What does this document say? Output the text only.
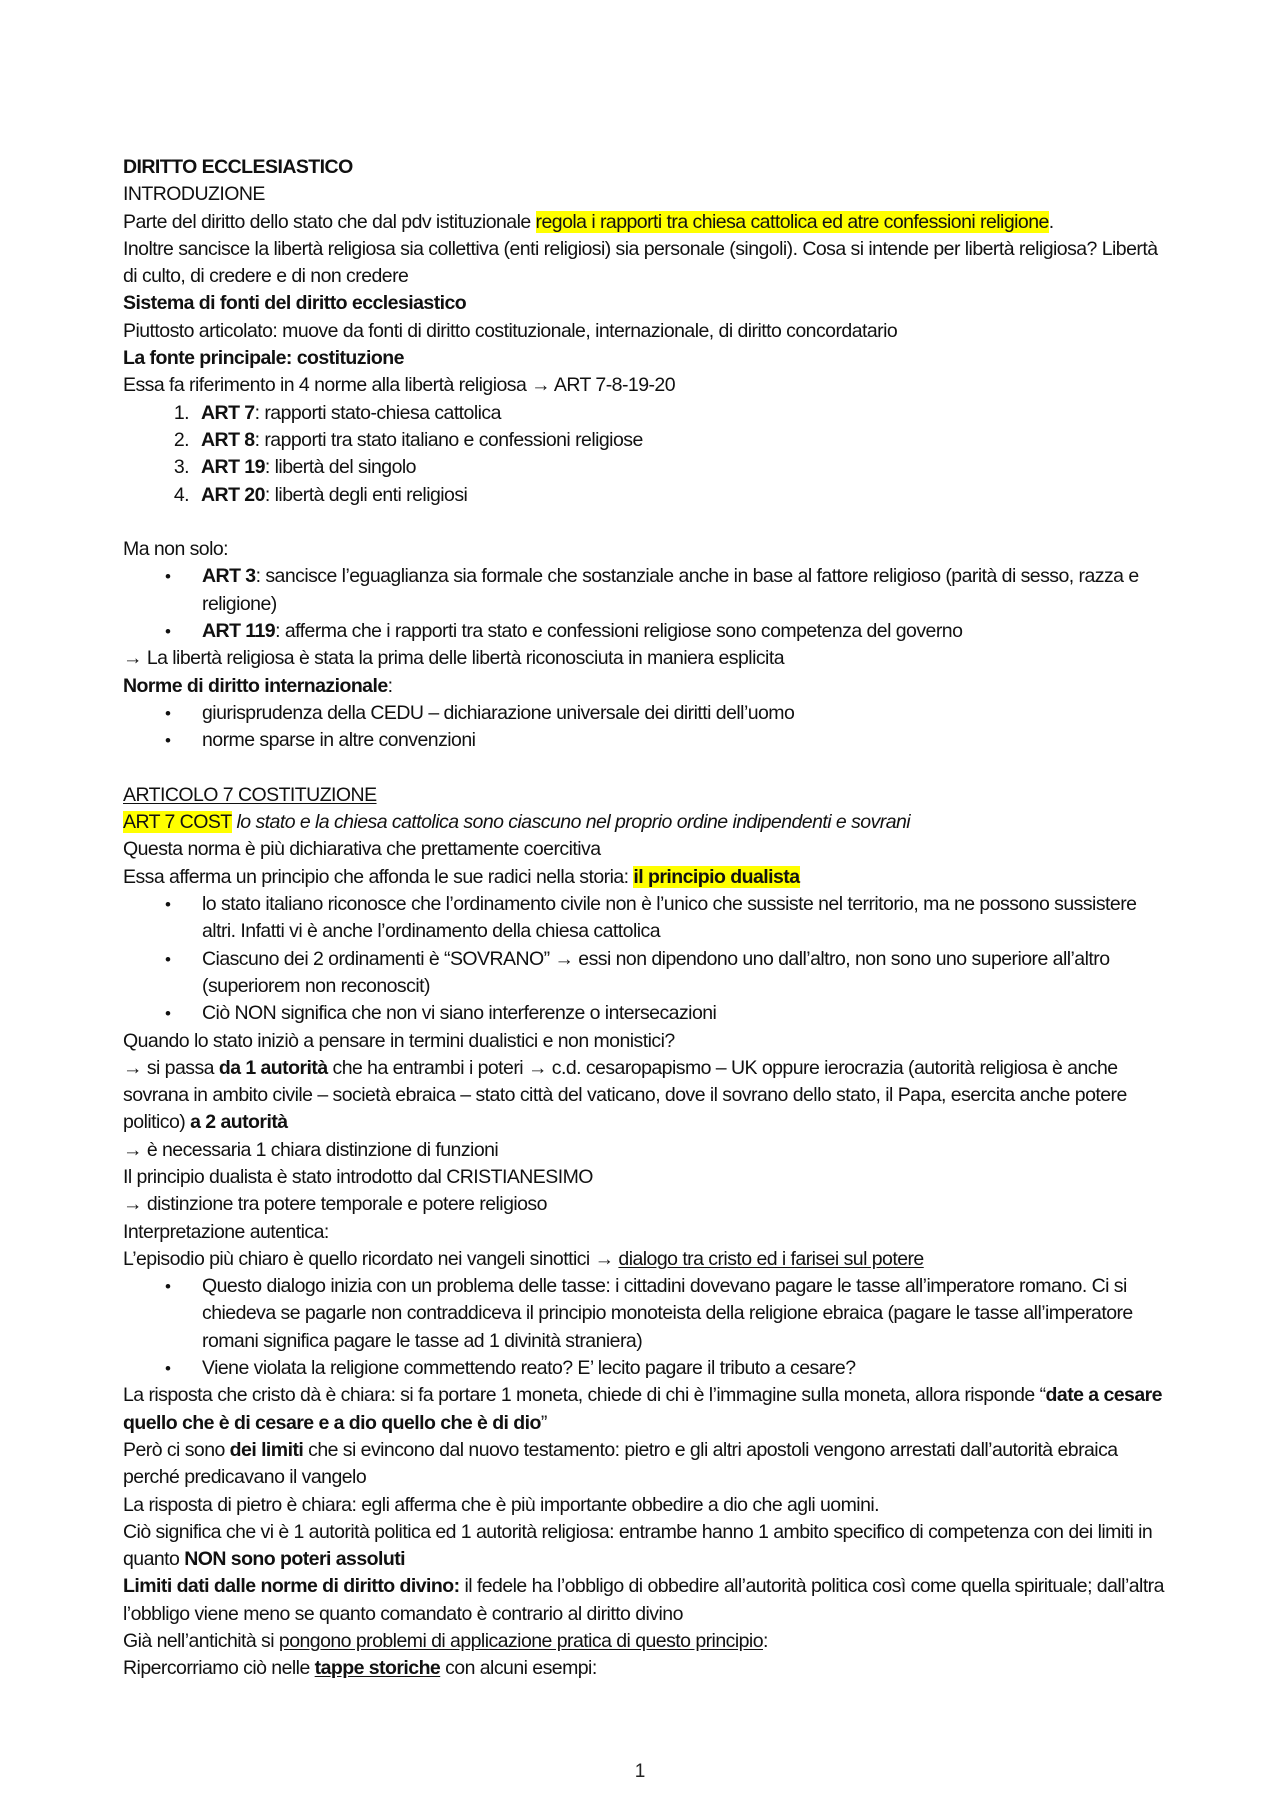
DIRITTO ECCLESIASTICO
INTRODUZIONE
Parte del diritto dello stato che dal pdv istituzionale regola i rapporti tra chiesa cattolica ed atre confessioni religione.
Inoltre sancisce la libertà religiosa sia collettiva (enti religiosi) sia personale (singoli). Cosa si intende per libertà religiosa? Libertà di culto, di credere e di non credere
Sistema di fonti del diritto ecclesiastico
Piuttosto articolato: muove da fonti di diritto costituzionale, internazionale, di diritto concordatario
La fonte principale: costituzione
Essa fa riferimento in 4 norme alla libertà religiosa → ART 7-8-19-20
1. ART 7: rapporti stato-chiesa cattolica
2. ART 8: rapporti tra stato italiano e confessioni religiose
3. ART 19: libertà del singolo
4. ART 20: libertà degli enti religiosi
Ma non solo:
•
ART 3: sancisce l’eguaglianza sia formale che sostanziale anche in base al fattore religioso (parità di sesso, razza e religione)
•
ART 119: afferma che i rapporti tra stato e confessioni religiose sono competenza del governo
→ La libertà religiosa è stata la prima delle libertà riconosciuta in maniera esplicita
Norme di diritto internazionale:
•
giurisprudenza della CEDU – dichiarazione universale dei diritti dell’uomo
•
norme sparse in altre convenzioni
ARTICOLO 7 COSTITUZIONE
ART 7 COST lo stato e la chiesa cattolica sono ciascuno nel proprio ordine indipendenti e sovrani
Questa norma è più dichiarativa che prettamente coercitiva
Essa afferma un principio che affonda le sue radici nella storia: il principio dualista
•
lo stato italiano riconosce che l’ordinamento civile non è l’unico che sussiste nel territorio, ma ne possono sussistere altri. Infatti vi è anche l’ordinamento della chiesa cattolica
•
Ciascuno dei 2 ordinamenti è “SOVRANO” → essi non dipendono uno dall’altro, non sono uno superiore all’altro (superiorem non reconoscit)
•
Ciò NON significa che non vi siano interferenze o intersecazioni
Quando lo stato iniziò a pensare in termini dualistici e non monistici?
→ si passa da 1 autorità che ha entrambi i poteri → c.d. cesaropapismo – UK oppure ierocrazia (autorità religiosa è anche sovrana in ambito civile – società ebraica – stato città del vaticano, dove il sovrano dello stato, il Papa, esercita anche potere politico) a 2 autorità
→ è necessaria 1 chiara distinzione di funzioni
Il principio dualista è stato introdotto dal CRISTIANESIMO
→ distinzione tra potere temporale e potere religioso
Interpretazione autentica:
L’episodio più chiaro è quello ricordato nei vangeli sinottici → dialogo tra cristo ed i farisei sul potere
•
Questo dialogo inizia con un problema delle tasse: i cittadini dovevano pagare le tasse all’imperatore romano. Ci si chiedeva se pagarle non contraddiceva il principio monoteista della religione ebraica (pagare le tasse all’imperatore romani significa pagare le tasse ad 1 divinità straniera)
•
Viene violata la religione commettendo reato? E’ lecito pagare il tributo a cesare?
La risposta che cristo dà è chiara: si fa portare 1 moneta, chiede di chi è l’immagine sulla moneta, allora risponde “date a cesare quello che è di cesare e a dio quello che è di dio”
Però ci sono dei limiti che si evincono dal nuovo testamento: pietro e gli altri apostoli vengono arrestati dall’autorità ebraica perché predicavano il vangelo
La risposta di pietro è chiara: egli afferma che è più importante obbedire a dio che agli uomini.
Ciò significa che vi è 1 autorità politica ed 1 autorità religiosa: entrambe hanno 1 ambito specifico di competenza con dei limiti in quanto NON sono poteri assoluti
Limiti dati dalle norme di diritto divino: il fedele ha l’obbligo di obbedire all’autorità politica così come quella spirituale; dall’altra l’obbligo viene meno se quanto comandato è contrario al diritto divino
Già nell’antichità si pongono problemi di applicazione pratica di questo principio:
Ripercorriamo ciò nelle tappe storiche con alcuni esempi:
1
